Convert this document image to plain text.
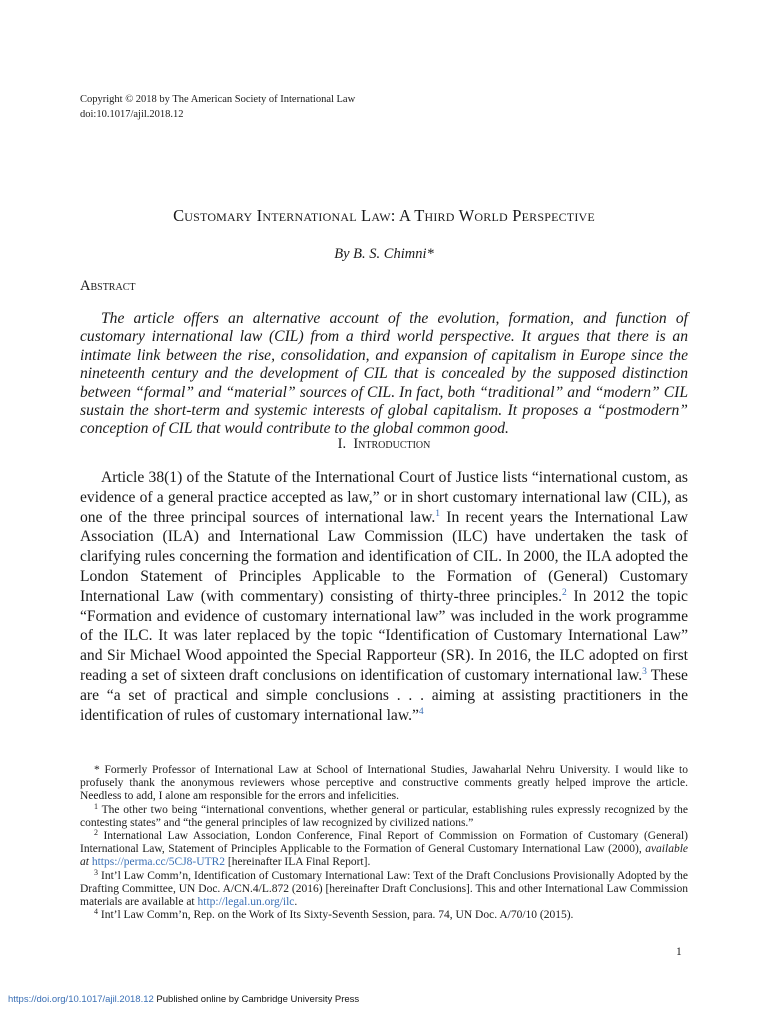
Copyright © 2018 by The American Society of International Law
doi:10.1017/ajil.2018.12
Customary International Law: A Third World Perspective
By B. S. Chimni*
Abstract

The article offers an alternative account of the evolution, formation, and function of customary international law (CIL) from a third world perspective. It argues that there is an intimate link between the rise, consolidation, and expansion of capitalism in Europe since the nineteenth century and the development of CIL that is concealed by the supposed distinction between “formal” and “material” sources of CIL. In fact, both “traditional” and “modern” CIL sustain the short-term and systemic interests of global capitalism. It proposes a “postmodern” conception of CIL that would contribute to the global common good.

I. Introduction

Article 38(1) of the Statute of the International Court of Justice lists “international custom, as evidence of a general practice accepted as law,” or in short customary international law (CIL), as one of the three principal sources of international law.$^1$ In recent years the International Law Association (ILA) and International Law Commission (ILC) have undertaken the task of clarifying rules concerning the formation and identification of CIL. In 2000, the ILA adopted the London Statement of Principles Applicable to the Formation of (General) Customary International Law (with commentary) consisting of thirty-three principles.$^2$ In 2012 the topic “Formation and evidence of customary international law” was included in the work programme of the ILC. It was later replaced by the topic “Identification of Customary International Law” and Sir Michael Wood appointed the Special Rapporteur (SR). In 2016, the ILC adopted on first reading a set of sixteen draft conclusions on identification of customary international law.$^3$ These are “a set of practical and simple conclusions . . . aiming at assisting practitioners in the identification of rules of customary international law.”$^4$

* Formerly Professor of International Law at School of International Studies, Jawaharlal Nehru University. I would like to profusely thank the anonymous reviewers whose perceptive and constructive comments greatly helped improve the article. Needless to add, I alone am responsible for the errors and infelicities.

$^1$ The other two being “international conventions, whether general or particular, establishing rules expressly recognized by the contesting states” and “the general principles of law recognized by civilized nations.”

$^2$ International Law Association, London Conference, Final Report of Commission on Formation of Customary (General) International Law, Statement of Principles Applicable to the Formation of General Customary International Law (2000), available at https://perma.cc/5CJ8-UTR2 [hereinafter ILA Final Report].

$^3$ Int’l Law Comm’n, Identification of Customary International Law: Text of the Draft Conclusions Provisionally Adopted by the Drafting Committee, UN Doc. A/CN.4/L.872 (2016) [hereinafter Draft Conclusions]. This and other International Law Commission materials are available at http://legal.un.org/ilc.

$^4$ Int’l Law Comm’n, Rep. on the Work of Its Sixty-Seventh Session, para. 74, UN Doc. A/70/10 (2015).

1
https://doi.org/10.1017/ajil.2018.12 Published online by Cambridge University Press
